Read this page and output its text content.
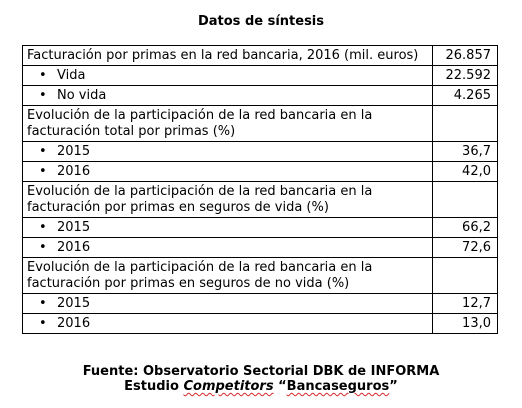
Datos de síntesis
Facturación por primas en la red bancaria, 2016 (mil. euros)	26.857
• Vida	22.592
• No vida	4.265
Evolución de la participación de la red bancaria en la facturación total por primas (%)	
• 2015	36,7
• 2016	42,0
Evolución de la participación de la red bancaria en la facturación por primas en seguros de vida (%)	
• 2015	66,2
• 2016	72,6
Evolución de la participación de la red bancaria en la facturación por primas en seguros de no vida (%)	
• 2015	12,7
• 2016	13,0
Fuente: Observatorio Sectorial DBK de INFORMA
Estudio Competitors “Bancaseguros”
